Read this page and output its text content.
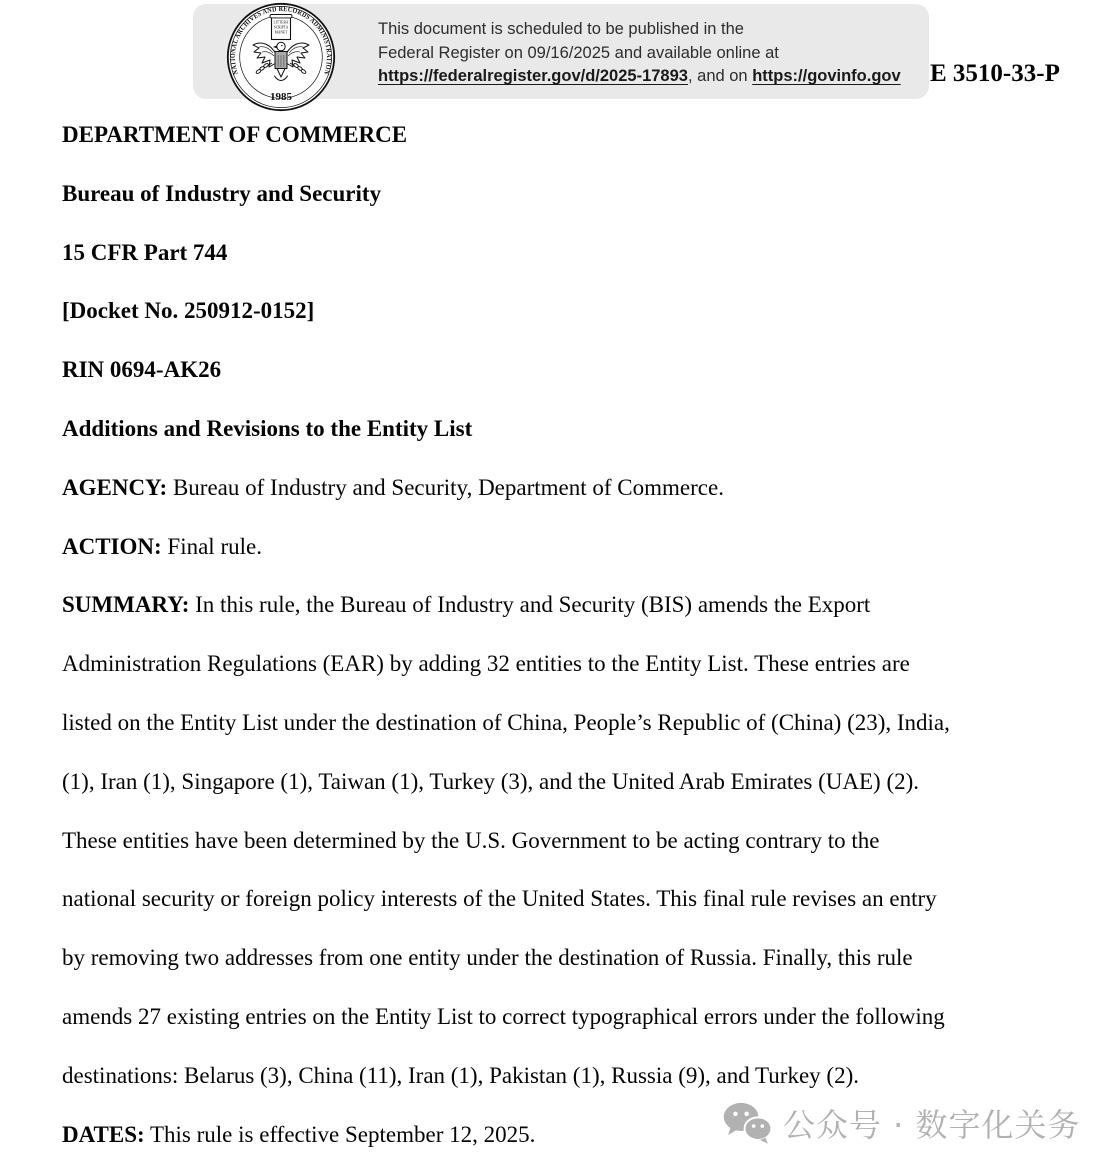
This document is scheduled to be published in the
Federal Register on 09/16/2025 and available online at
https://federalregister.gov/d/2025-17893, and on https://govinfo.gov
NATIONAL ARCHIVES AND RECORDS ADMINISTRATION
1985
LITTERA
SCRIPTA
MANET
E 3510-33-P
DEPARTMENT OF COMMERCE
Bureau of Industry and Security
15 CFR Part 744
[Docket No. 250912-0152]
RIN 0694-AK26
Additions and Revisions to the Entity List
AGENCY: Bureau of Industry and Security, Department of Commerce.
ACTION: Final rule.
SUMMARY: In this rule, the Bureau of Industry and Security (BIS) amends the Export
Administration Regulations (EAR) by adding 32 entities to the Entity List. These entries are
listed on the Entity List under the destination of China, People’s Republic of (China) (23), India,
(1), Iran (1), Singapore (1), Taiwan (1), Turkey (3), and the United Arab Emirates (UAE) (2).
These entities have been determined by the U.S. Government to be acting contrary to the
national security or foreign policy interests of the United States. This final rule revises an entry
by removing two addresses from one entity under the destination of Russia. Finally, this rule
amends 27 existing entries on the Entity List to correct typographical errors under the following
destinations: Belarus (3), China (11), Iran (1), Pakistan (1), Russia (9), and Turkey (2).
DATES: This rule is effective September 12, 2025.	公众号 · 数字化关务
